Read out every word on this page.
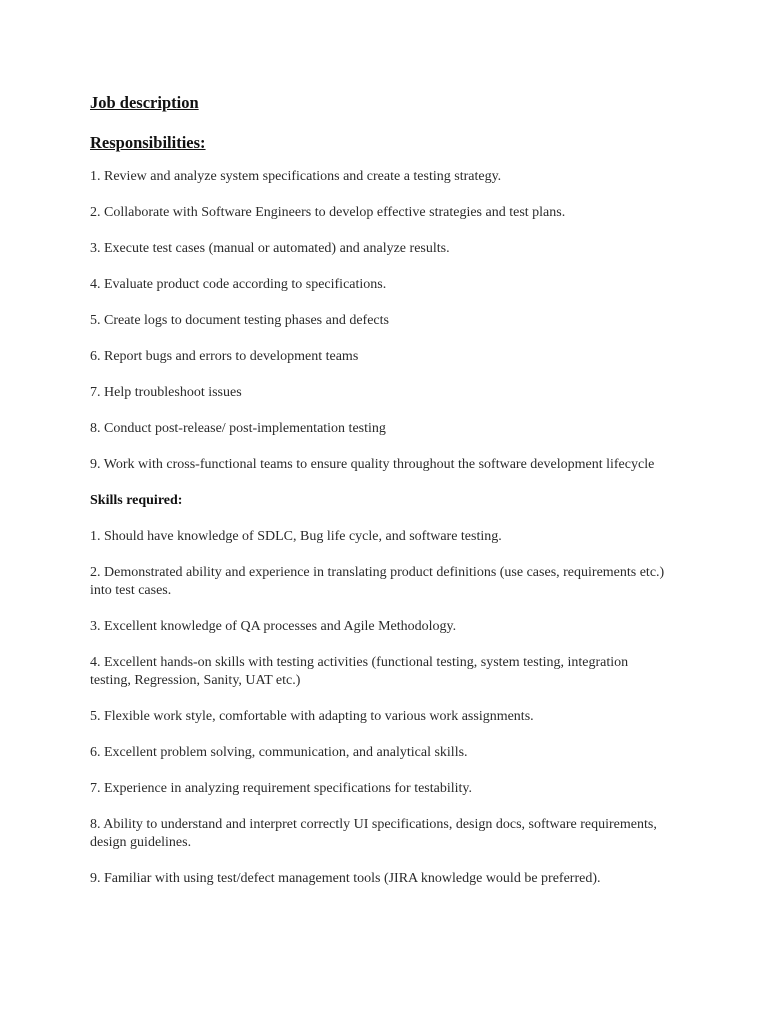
Job description
Responsibilities:
1. Review and analyze system specifications and create a testing strategy.
2. Collaborate with Software Engineers to develop effective strategies and test plans.
3. Execute test cases (manual or automated) and analyze results.
4. Evaluate product code according to specifications.
5. Create logs to document testing phases and defects
6. Report bugs and errors to development teams
7. Help troubleshoot issues
8. Conduct post-release/ post-implementation testing
9. Work with cross-functional teams to ensure quality throughout the software development lifecycle
Skills required:
1. Should have knowledge of SDLC, Bug life cycle, and software testing.
2. Demonstrated ability and experience in translating product definitions (use cases, requirements etc.) into test cases.
3. Excellent knowledge of QA processes and Agile Methodology.
4. Excellent hands-on skills with testing activities (functional testing, system testing, integration testing, Regression, Sanity, UAT etc.)
5. Flexible work style, comfortable with adapting to various work assignments.
6. Excellent problem solving, communication, and analytical skills.
7. Experience in analyzing requirement specifications for testability.
8. Ability to understand and interpret correctly UI specifications, design docs, software requirements, design guidelines.
9. Familiar with using test/defect management tools (JIRA knowledge would be preferred).
